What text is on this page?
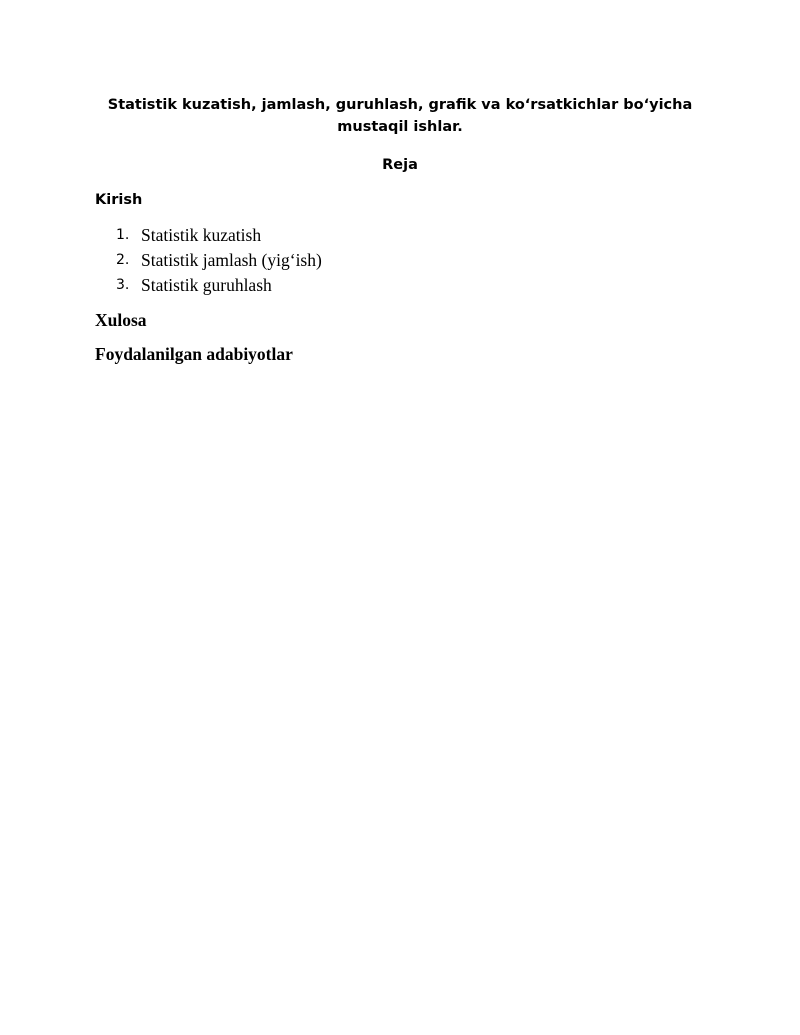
Statistik kuzatish, jamlash, guruhlash, grafik va ko‘rsatkichlar bo‘yicha
mustaqil ishlar.
Reja
Kirish
1. Statistik kuzatish
2. Statistik jamlash (yig‘ish)
3. Statistik guruhlash
Xulosa
Foydalanilgan adabiyotlar
